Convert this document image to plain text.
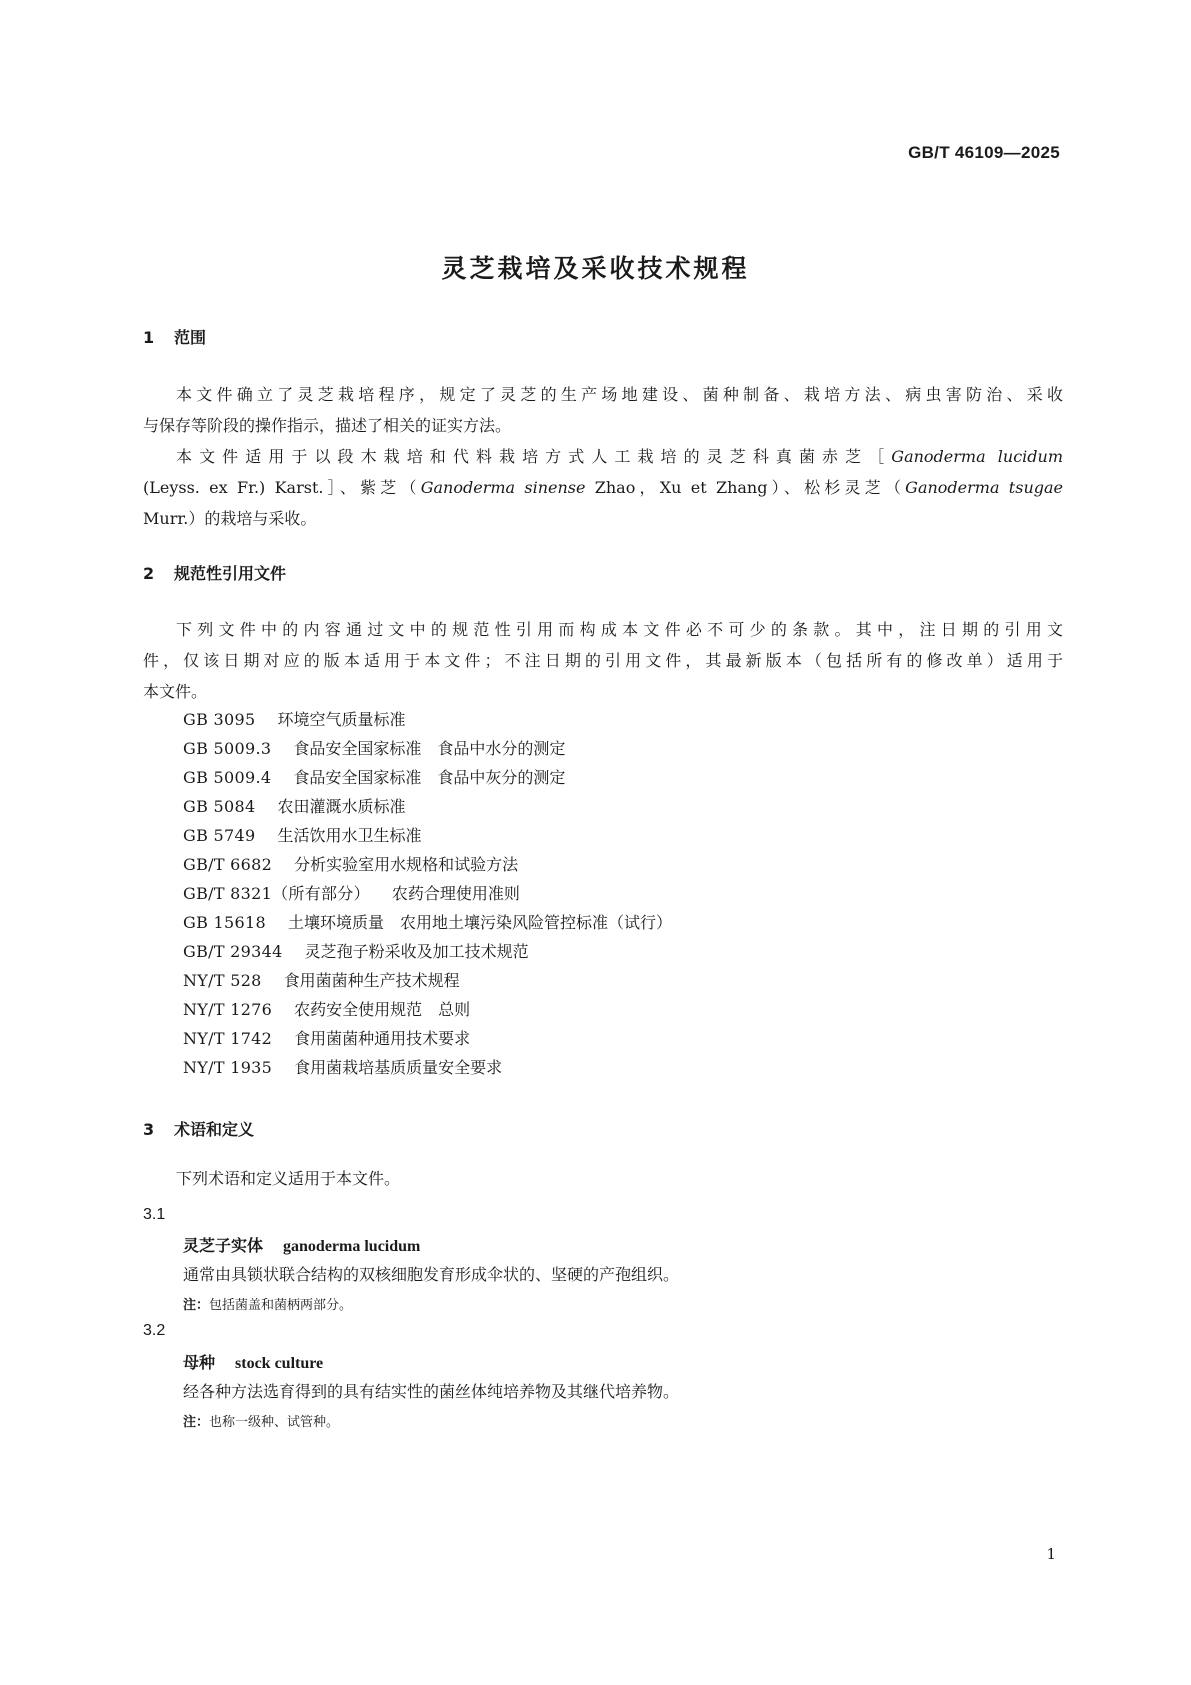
GB/T 46109—2025
灵芝栽培及采收技术规程
1 范围
本文件确立了灵芝栽培程序，规定了灵芝的生产场地建设、菌种制备、栽培方法、病虫害防治、采收
与保存等阶段的操作指示，描述了相关的证实方法。
本文件适用于以段木栽培和代料栽培方式人工栽培的灵芝科真菌赤芝［Ganoderma lucidum
(Leyss. ex Fr.) Karst.］、紫芝（Ganoderma sinense Zhao，Xu et Zhang）、松杉灵芝（Ganoderma tsugae
Murr.）的栽培与采收。
2 规范性引用文件
下列文件中的内容通过文中的规范性引用而构成本文件必不可少的条款。其中，注日期的引用文
件，仅该日期对应的版本适用于本文件；不注日期的引用文件，其最新版本（包括所有的修改单）适用于
本文件。
GB 3095 环境空气质量标准
GB 5009.3 食品安全国家标准　食品中水分的测定
GB 5009.4 食品安全国家标准　食品中灰分的测定
GB 5084 农田灌溉水质标准
GB 5749 生活饮用水卫生标准
GB/T 6682 分析实验室用水规格和试验方法
GB/T 8321（所有部分） 农药合理使用准则
GB 15618 土壤环境质量　农用地土壤污染风险管控标准（试行）
GB/T 29344 灵芝孢子粉采收及加工技术规范
NY/T 528 食用菌菌种生产技术规程
NY/T 1276 农药安全使用规范　总则
NY/T 1742 食用菌菌种通用技术要求
NY/T 1935 食用菌栽培基质质量安全要求
3 术语和定义
下列术语和定义适用于本文件。
3.1
灵芝子实体 ganoderma lucidum
通常由具锁状联合结构的双核细胞发育形成伞状的、坚硬的产孢组织。
注：包括菌盖和菌柄两部分。
3.2
母种 stock culture
经各种方法选育得到的具有结实性的菌丝体纯培养物及其继代培养物。
注：也称一级种、试管种。
1
